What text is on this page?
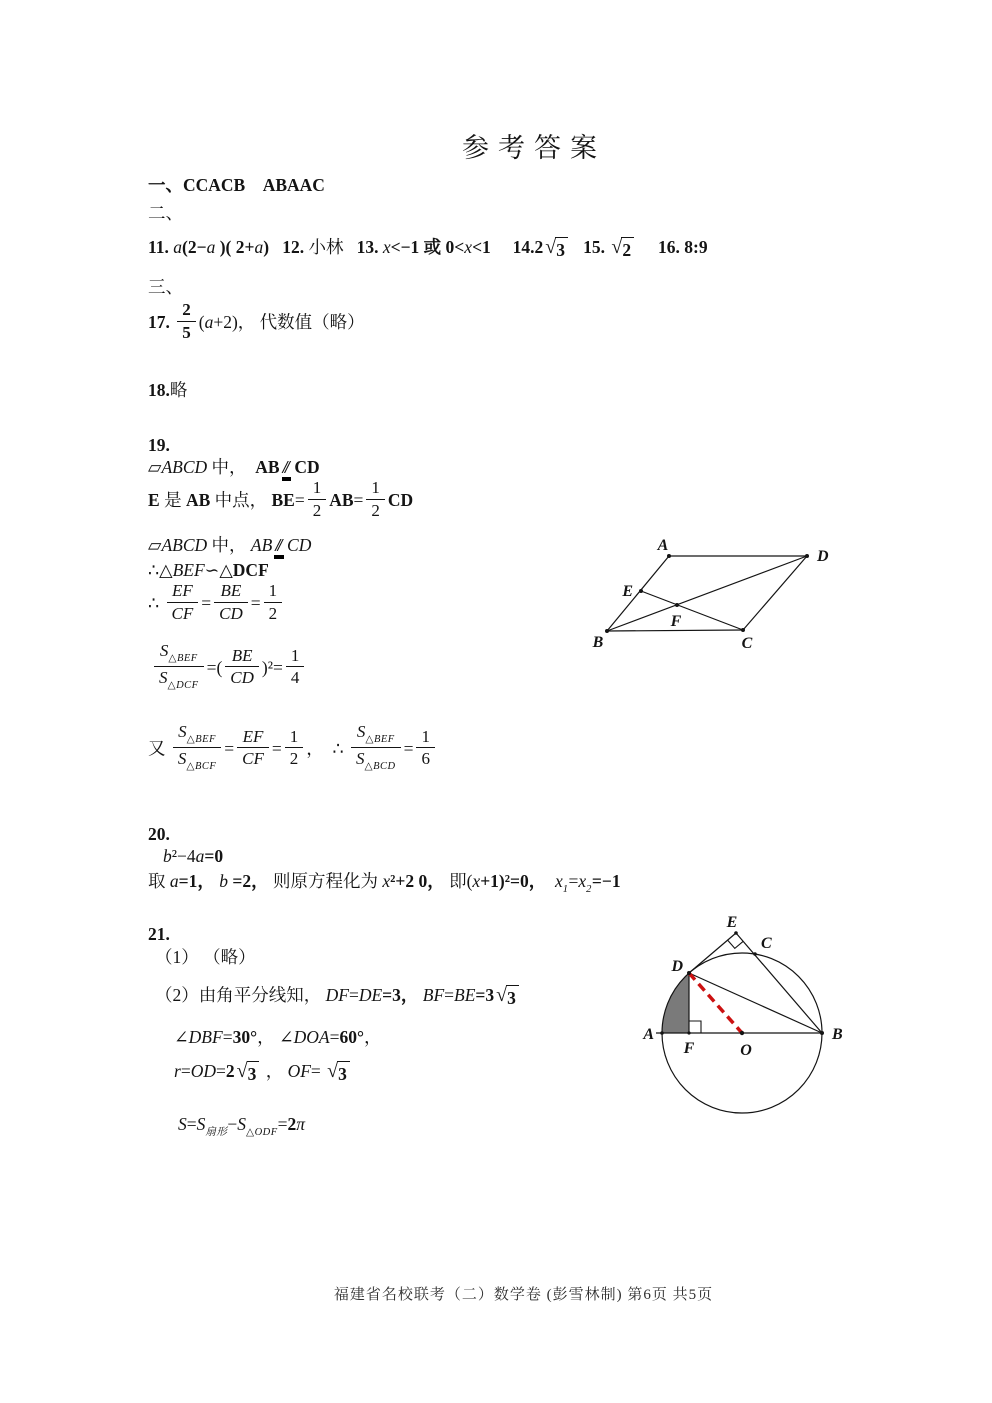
参考答案
一、CCACB　ABAAC
二、
11. a(2−a )( 2+a)   12. 小林   13. x<−1 或 0<x<1     14.2 √ 3 15. √ 2 16. 8:9
三、
17. $\frac{2}{5} (a+2)$， 代数值（略）
18.略
19.
▱ABCD 中，  AB // CD
E 是 AB 中点， $BE= \frac{1}{2} AB= \frac{1}{2}$ CD
▱ABCD 中， AB // CD
∴△BEF∽△DCF
∴ $\frac{EF}{CF} = \frac{BE}{CD} = \frac{1}{2}$
$\frac{S_{\triangle BEF}}{S_{\triangle DCF}}$ =( $\frac{BE}{CD} )^2= \frac{1}{4}$
又 $\frac{S_{\triangle BEF}}{S_{\triangle BCF}} = \frac{EF}{CF} = \frac{1}{2}$ ，  ∴ $\frac{S_{\triangle BEF}}{S_{\triangle BCD}} = \frac{1}{6}$
20.
b²−4a=0
取 a=1， b =2， 则原方程化为 x²+2 0， 即(x+1)²=0，  $x_1=x_2=-1$
21.
（1） （略）
（2）由角平分线知， DF=DE=3， BF=BE=3 √ 3
∠DBF=30°， ∠DOA=60°，
r=OD=2 √ 3 ， OF= √ 3
$S=S_{扇形}-S_{\triangle ODF}=2\pi$
A
D
E
B	C
F
E
C
D
A	B
F	O
福建省名校联考（二）数学卷 (彭雪林制) 第6页 共5页
